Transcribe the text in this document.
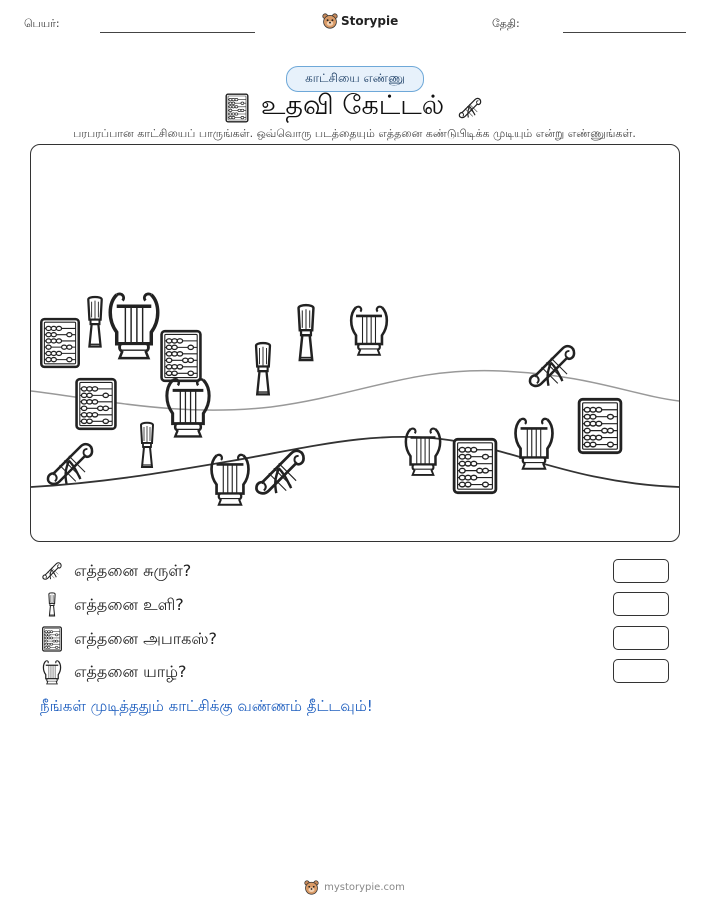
பெயர்:	Storypie	தேதி:
காட்சியை எண்ணு
உதவி கேட்டல்
பரபரப்பான காட்சியைப் பாருங்கள். ஒவ்வொரு படத்தையும் எத்தனை கண்டுபிடிக்க முடியும் என்று எண்ணுங்கள்.
எத்தனை சுருள்?
எத்தனை உளி?
எத்தனை அபாகஸ்?
எத்தனை யாழ்?
நீங்கள் முடித்ததும் காட்சிக்கு வண்ணம் தீட்டவும்!
mystorypie.com
